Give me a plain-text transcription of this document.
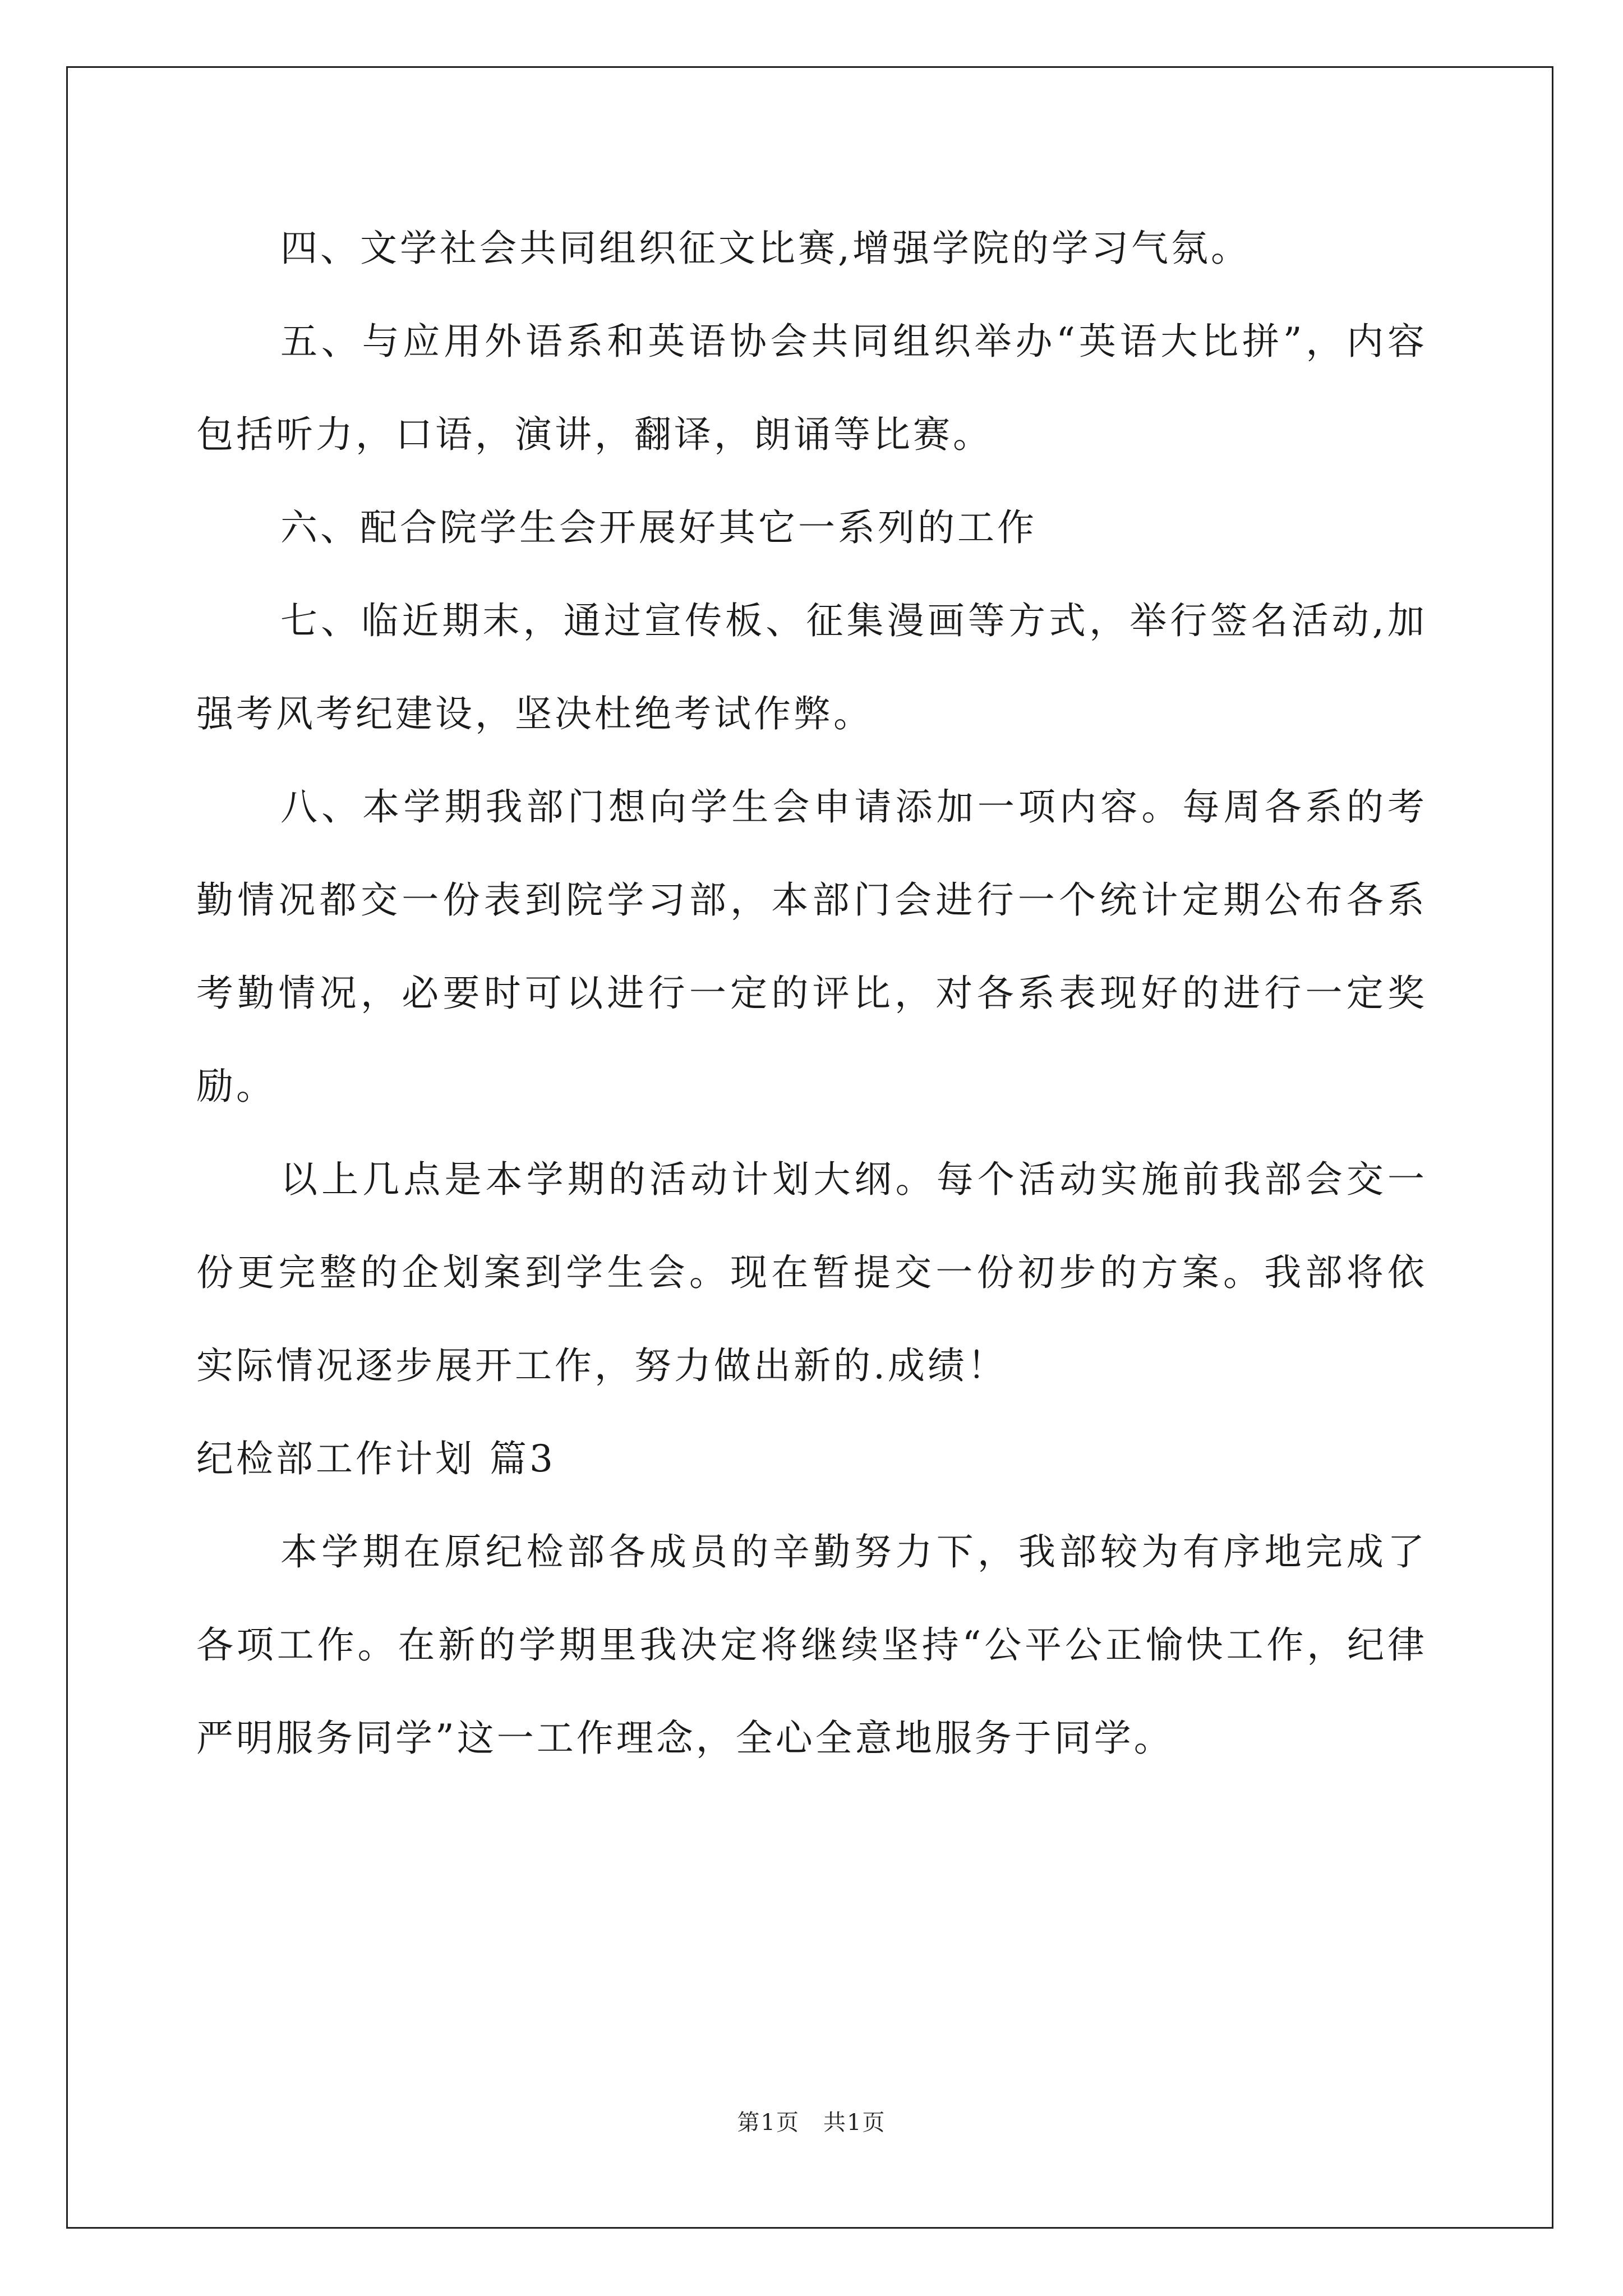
四、文学社会共同组织征文比赛,增强学院的学习气氛。

五、与应用外语系和英语协会共同组织举办“英语大比拼”，内容包括听力，口语，演讲，翻译，朗诵等比赛。

六、配合院学生会开展好其它一系列的工作

七、临近期末，通过宣传板、征集漫画等方式，举行签名活动,加强考风考纪建设，坚决杜绝考试作弊。

八、本学期我部门想向学生会申请添加一项内容。每周各系的考勤情况都交一份表到院学习部，本部门会进行一个统计定期公布各系考勤情况，必要时可以进行一定的评比，对各系表现好的进行一定奖励。

以上几点是本学期的活动计划大纲。每个活动实施前我部会交一份更完整的企划案到学生会。现在暂提交一份初步的方案。我部将依实际情况逐步展开工作，努力做出新的.成绩！

纪检部工作计划 篇3

本学期在原纪检部各成员的辛勤努力下，我部较为有序地完成了各项工作。在新的学期里我决定将继续坚持“公平公正愉快工作，纪律严明服务同学”这一工作理念，全心全意地服务于同学。

第1页　共1页
